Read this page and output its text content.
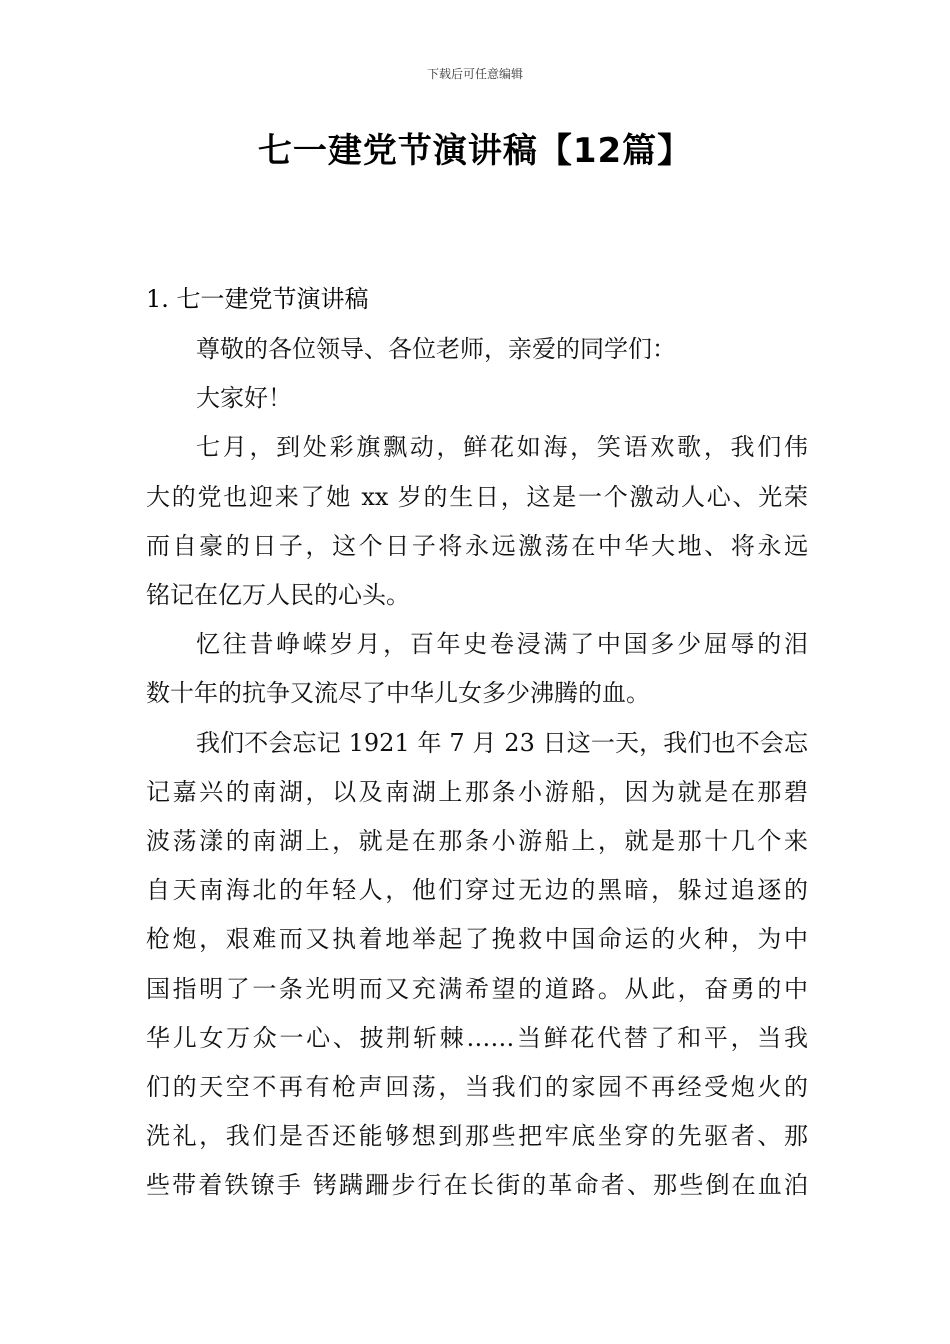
下载后可任意编辑
七一建党节演讲稿【12篇】
1. 七一建党节演讲稿
尊敬的各位领导、各位老师，亲爱的同学们：
大家好！
七月，到处彩旗飘动，鲜花如海，笑语欢歌，我们伟
大的党也迎来了她 xx 岁的生日，这是一个激动人心、光荣
而自豪的日子，这个日子将永远激荡在中华大地、将永远
铭记在亿万人民的心头。
忆往昔峥嵘岁月，百年史卷浸满了中国多少屈辱的泪
数十年的抗争又流尽了中华儿女多少沸腾的血。
我们不会忘记 1921 年 7 月 23 日这一天，我们也不会忘
记嘉兴的南湖，以及南湖上那条小游船，因为就是在那碧
波荡漾的南湖上，就是在那条小游船上，就是那十几个来
自天南海北的年轻人，他们穿过无边的黑暗，躲过追逐的
枪炮，艰难而又执着地举起了挽救中国命运的火种，为中
国指明了一条光明而又充满希望的道路。从此，奋勇的中
华儿女万众一心、披荆斩棘……当鲜花代替了和平，当我
们的天空不再有枪声回荡，当我们的家园不再经受炮火的
洗礼，我们是否还能够想到那些把牢底坐穿的先驱者、那
些带着铁镣手 铐蹒跚步行在长街的革命者、那些倒在血泊
